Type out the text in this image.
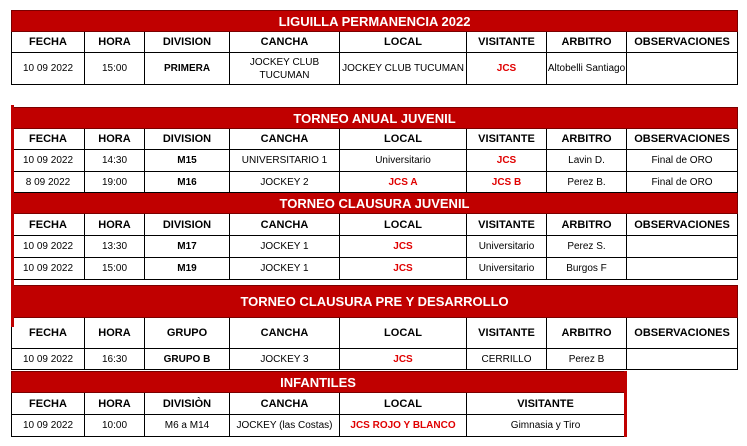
LIGUILLA PERMANENCIA 2022							
FECHA	HORA	DIVISION	CANCHA	LOCAL	VISITANTE	ARBITRO	OBSERVACIONES
10 09 2022	15:00	PRIMERA	JOCKEY CLUB TUCUMAN	JOCKEY CLUB TUCUMAN	JCS	Altobelli Santiago	
TORNEO ANUAL JUVENIL							
FECHA	HORA	DIVISION	CANCHA	LOCAL	VISITANTE	ARBITRO	OBSERVACIONES
10 09 2022	14:30	M15	UNIVERSITARIO 1	Universitario	JCS	Lavin D.	Final de ORO
8 09 2022	19:00	M16	JOCKEY 2	JCS A	JCS B	Perez B.	Final de ORO
TORNEO CLAUSURA JUVENIL							
FECHA	HORA	DIVISION	CANCHA	LOCAL	VISITANTE	ARBITRO	OBSERVACIONES
10 09 2022	13:30	M17	JOCKEY 1	JCS	Universitario	Perez S.	
10 09 2022	15:00	M19	JOCKEY 1	JCS	Universitario	Burgos F	
TORNEO CLAUSURA PRE Y DESARROLLO							
FECHA	HORA	GRUPO	CANCHA	LOCAL	VISITANTE	ARBITRO	OBSERVACIONES
10 09 2022	16:30	GRUPO B	JOCKEY 3	JCS	CERRILLO	Perez B	
INFANTILES					
FECHA	HORA	DIVISIÒN	CANCHA	LOCAL	VISITANTE
10 09 2022	10:00	M6 a M14	JOCKEY (las Costas)	JCS ROJO Y BLANCO	Gimnasia y Tiro
